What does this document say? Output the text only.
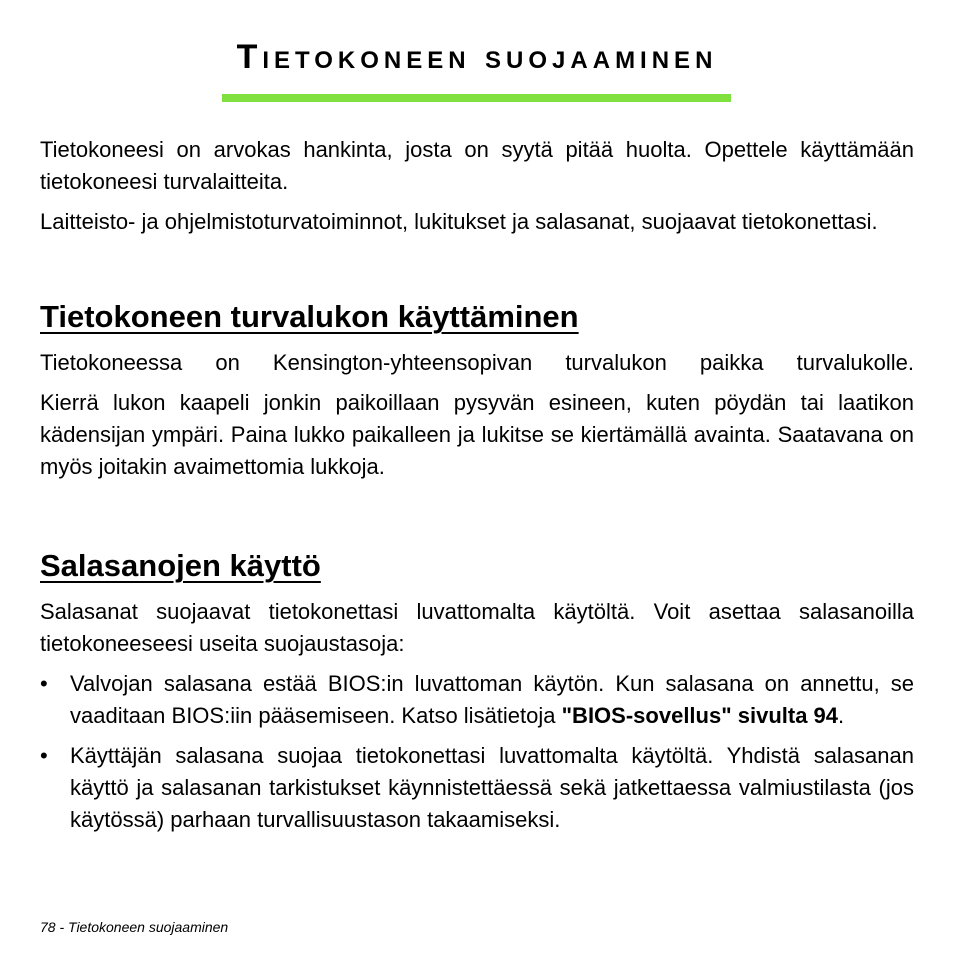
Tietokoneen suojaaminen

Tietokoneesi on arvokas hankinta, josta on syytä pitää huolta. Opettele käyttämään tietokoneesi turvalaitteita.

Laitteisto- ja ohjelmistoturvatoiminnot, lukitukset ja salasanat, suojaavat tietokonettasi.

Tietokoneen turvalukon käyttäminen

Tietokoneessa on Kensington-yhteensopivan turvalukon paikka turvalukolle.

Kierrä lukon kaapeli jonkin paikoillaan pysyvän esineen, kuten pöydän tai laatikon kädensijan ympäri. Paina lukko paikalleen ja lukitse se kiertämällä avainta. Saatavana on myös joitakin avaimettomia lukkoja.

Salasanojen käyttö

Salasanat suojaavat tietokonettasi luvattomalta käytöltä. Voit asettaa salasanoilla tietokoneeseesi useita suojaustasoja:

• Valvojan salasana estää BIOS:in luvattoman käytön. Kun salasana on annettu, se vaaditaan BIOS:iin pääsemiseen. Katso lisätietoja "BIOS-sovellus" sivulta 94.
• Käyttäjän salasana suojaa tietokonettasi luvattomalta käytöltä. Yhdistä salasanan käyttö ja salasanan tarkistukset käynnistettäessä sekä jatkettaessa valmiustilasta (jos käytössä) parhaan turvallisuustason takaamiseksi.
78 - Tietokoneen suojaaminen
